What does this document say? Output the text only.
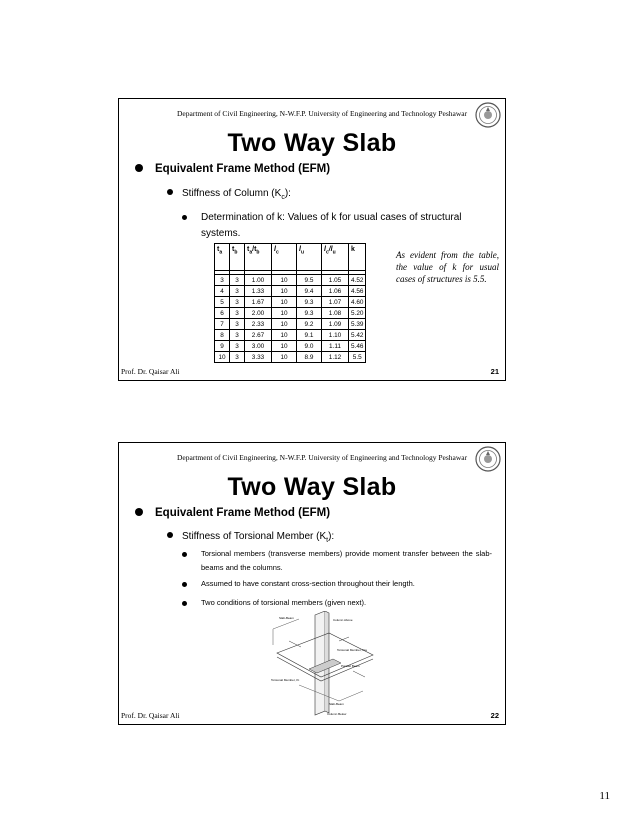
Department of Civil Engineering, N-W.F.P. University of Engineering and Technology Peshawar
Two Way Slab
Equivalent Frame Method (EFM)
Stiffness of Column $(K_c)$:
Determination of k: Values of k for usual cases of structural systems.
$t_a$	$t_b$	$t_a/t_b$	$l_c$	$l_u$	$l_c/l_u$	k

3	3	1.00	10	9.5	1.05	4.52
4	3	1.33	10	9.4	1.06	4.56
5	3	1.67	10	9.3	1.07	4.60
6	3	2.00	10	9.3	1.08	5.20
7	3	2.33	10	9.2	1.09	5.39
8	3	2.67	10	9.1	1.10	5.42
9	3	3.00	10	9.0	1.11	5.46
10	3	3.33	10	8.9	1.12	5.5
As evident from the table, the value of k for usual cases of structures is 5.5.
Prof. Dr. Qaisar Ali	21
Department of Civil Engineering, N-W.F.P. University of Engineering and Technology Peshawar
Two Way Slab
Equivalent Frame Method (EFM)
Stiffness of Torsional Member $(K_t)$:
Torsional members (transverse members) provide moment transfer between the slab-beams and the columns.
Assumed to have constant cross-section throughout their length.
Two conditions of torsional members (given next).
Slab-Beam	Column Above
Torsional Member, Kta
Parallel Beam
Torsional Member, Kt
Slab-Beam
Column Below
Prof. Dr. Qaisar Ali	22
11
